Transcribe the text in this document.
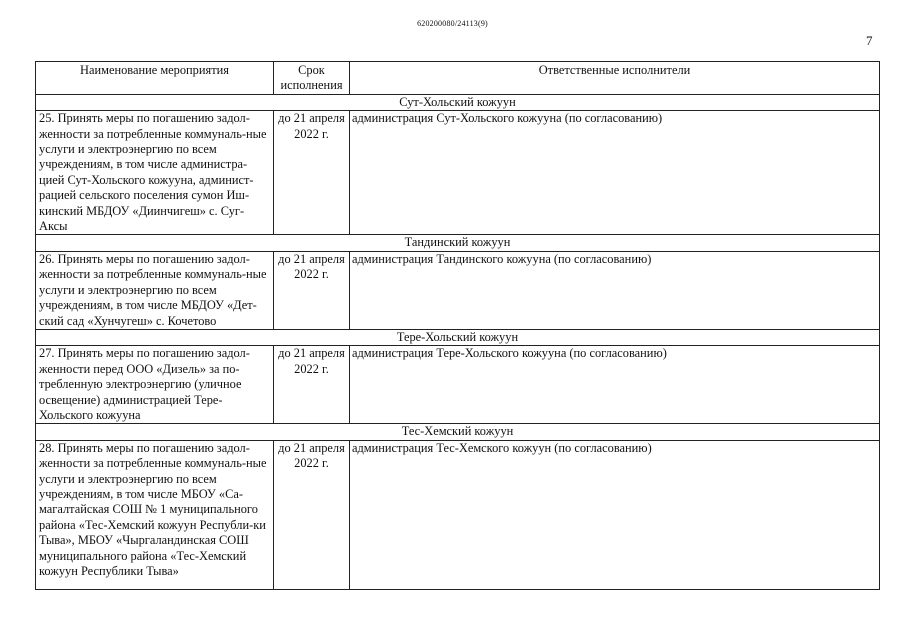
620200080/24113(9)
7
Наименование мероприятия	Срок исполнения	Ответственные исполнители
Сут-Хольский кожуун		
25. Принять меры по погашению задол-женности за потребленные коммуналь-ные услуги и электроэнергию по всем учреждениям, в том числе администра-цией Сут-Хольского кожууна, админист-рацией сельского поселения сумон Иш-кинский МБДОУ «Диинчигеш» с. Суг-Аксы	до 21 апреля 2022 г.	администрация Сут-Хольского кожууна (по согласованию)
Тандинский кожуун		
26. Принять меры по погашению задол-женности за потребленные коммуналь-ные услуги и электроэнергию по всем учреждениям, в том числе МБДОУ «Дет-ский сад «Хунчугеш» с. Кочетово	до 21 апреля 2022 г.	администрация Тандинского кожууна (по согласованию)
Тере-Хольский кожуун		
27. Принять меры по погашению задол-женности перед ООО «Дизель» за по-требленную электроэнергию (уличное освещение) администрацией Тере-Хольского кожууна	до 21 апреля 2022 г.	администрация Тере-Хольского кожууна (по согласованию)
Тес-Хемский кожуун		
28. Принять меры по погашению задол-женности за потребленные коммуналь-ные услуги и электроэнергию по всем учреждениям, в том числе МБОУ «Са-магалтайская СОШ № 1 муниципального района «Тес-Хемский кожуун Республи-ки Тыва», МБОУ «Чыргаландинская СОШ муниципального района «Тес-Хемский кожуун Республики Тыва»	до 21 апреля 2022 г.	администрация Тес-Хемского кожуун (по согласованию)
